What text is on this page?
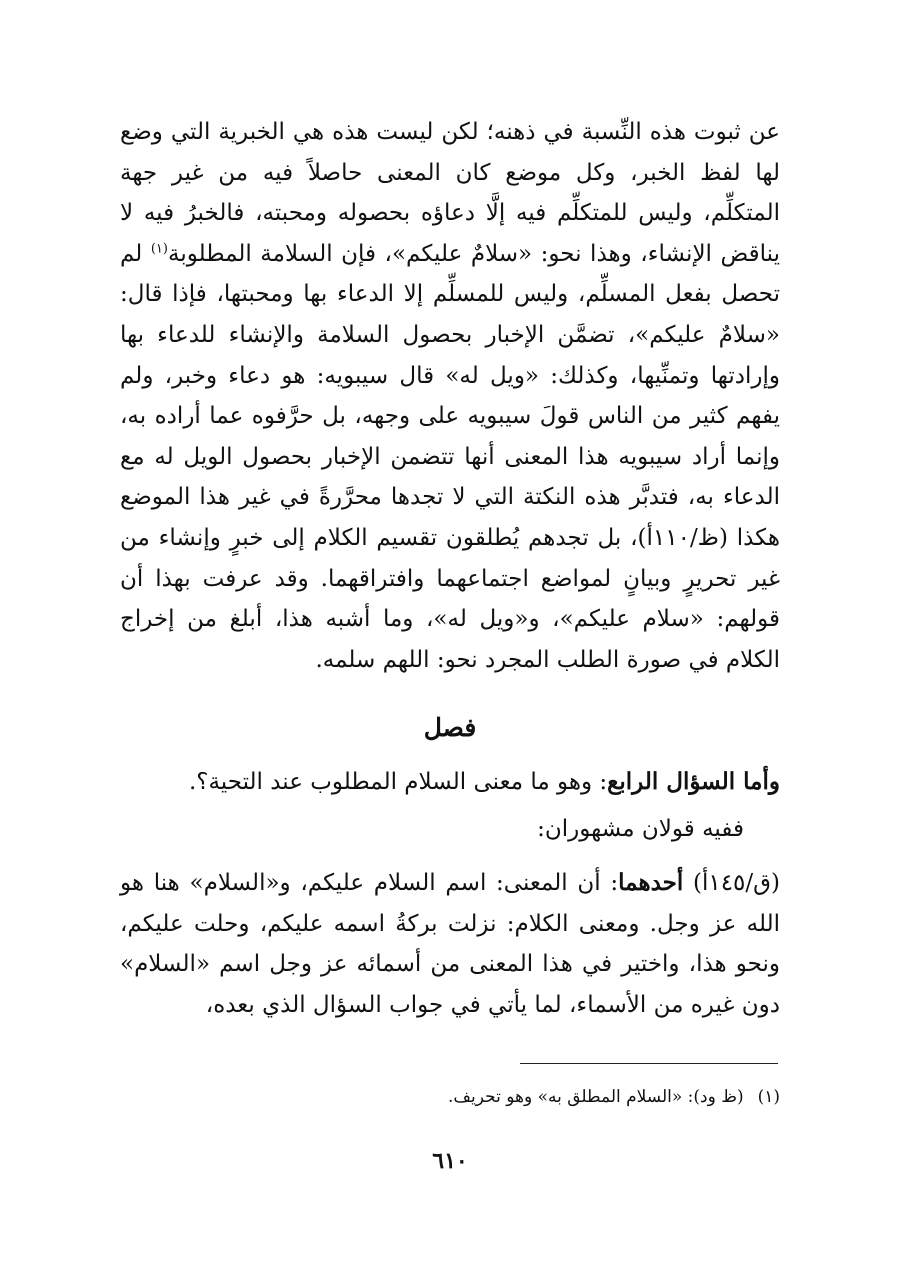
عن ثبوت هذه النِّسبة في ذهنه؛ لكن ليست هذه هي الخبرية التي وضع لها لفظ الخبر، وكل موضع كان المعنى حاصلاً فيه من غير جهة المتكلِّم، وليس للمتكلِّم فيه إلَّا دعاؤه بحصوله ومحبته، فالخبرُ فيه لا يناقض الإنشاء، وهذا نحو: «سلامٌ عليكم»، فإن السلامة المطلوبة$^{(١)}$ لم تحصل بفعل المسلِّم، وليس للمسلِّم إلا الدعاء بها ومحبتها، فإذا قال: «سلامٌ عليكم»، تضمَّن الإخبار بحصول السلامة والإنشاء للدعاء بها وإرادتها وتمنِّيها، وكذلك: «ويل له» قال سيبويه: هو دعاء وخبر، ولم يفهم كثير من الناس قولَ سيبويه على وجهه، بل حرَّفوه عما أراده به، وإنما أراد سيبويه هذا المعنى أنها تتضمن الإخبار بحصول الويل له مع الدعاء به، فتدبَّر هذه النكتة التي لا تجدها محرَّرةً في غير هذا الموضع هكذا (ظ/١١٠أ)، بل تجدهم يُطلقون تقسيم الكلام إلى خبرٍ وإنشاء من غير تحريرٍ وبيانٍ لمواضع اجتماعهما وافتراقهما. وقد عرفت بهذا أن قولهم: «سلام عليكم»، و«ويل له»، وما أشبه هذا، أبلغ من إخراج الكلام في صورة الطلب المجرد نحو: اللهم سلمه.

فصل

وأما السؤال الرابع: وهو ما معنى السلام المطلوب عند التحية؟.

ففيه قولان مشهوران:

(ق/١٤٥أ) أحدهما: أن المعنى: اسم السلام عليكم، و«السلام» هنا هو الله عز وجل. ومعنى الكلام: نزلت بركةُ اسمه عليكم، وحلت عليكم، ونحو هذا، واختير في هذا المعنى من أسمائه عز وجل اسم «السلام» دون غيره من الأسماء، لما يأتي في جواب السؤال الذي بعده،

(١)(ظ ود): «السلام المطلق به» وهو تحريف.
٦١٠
